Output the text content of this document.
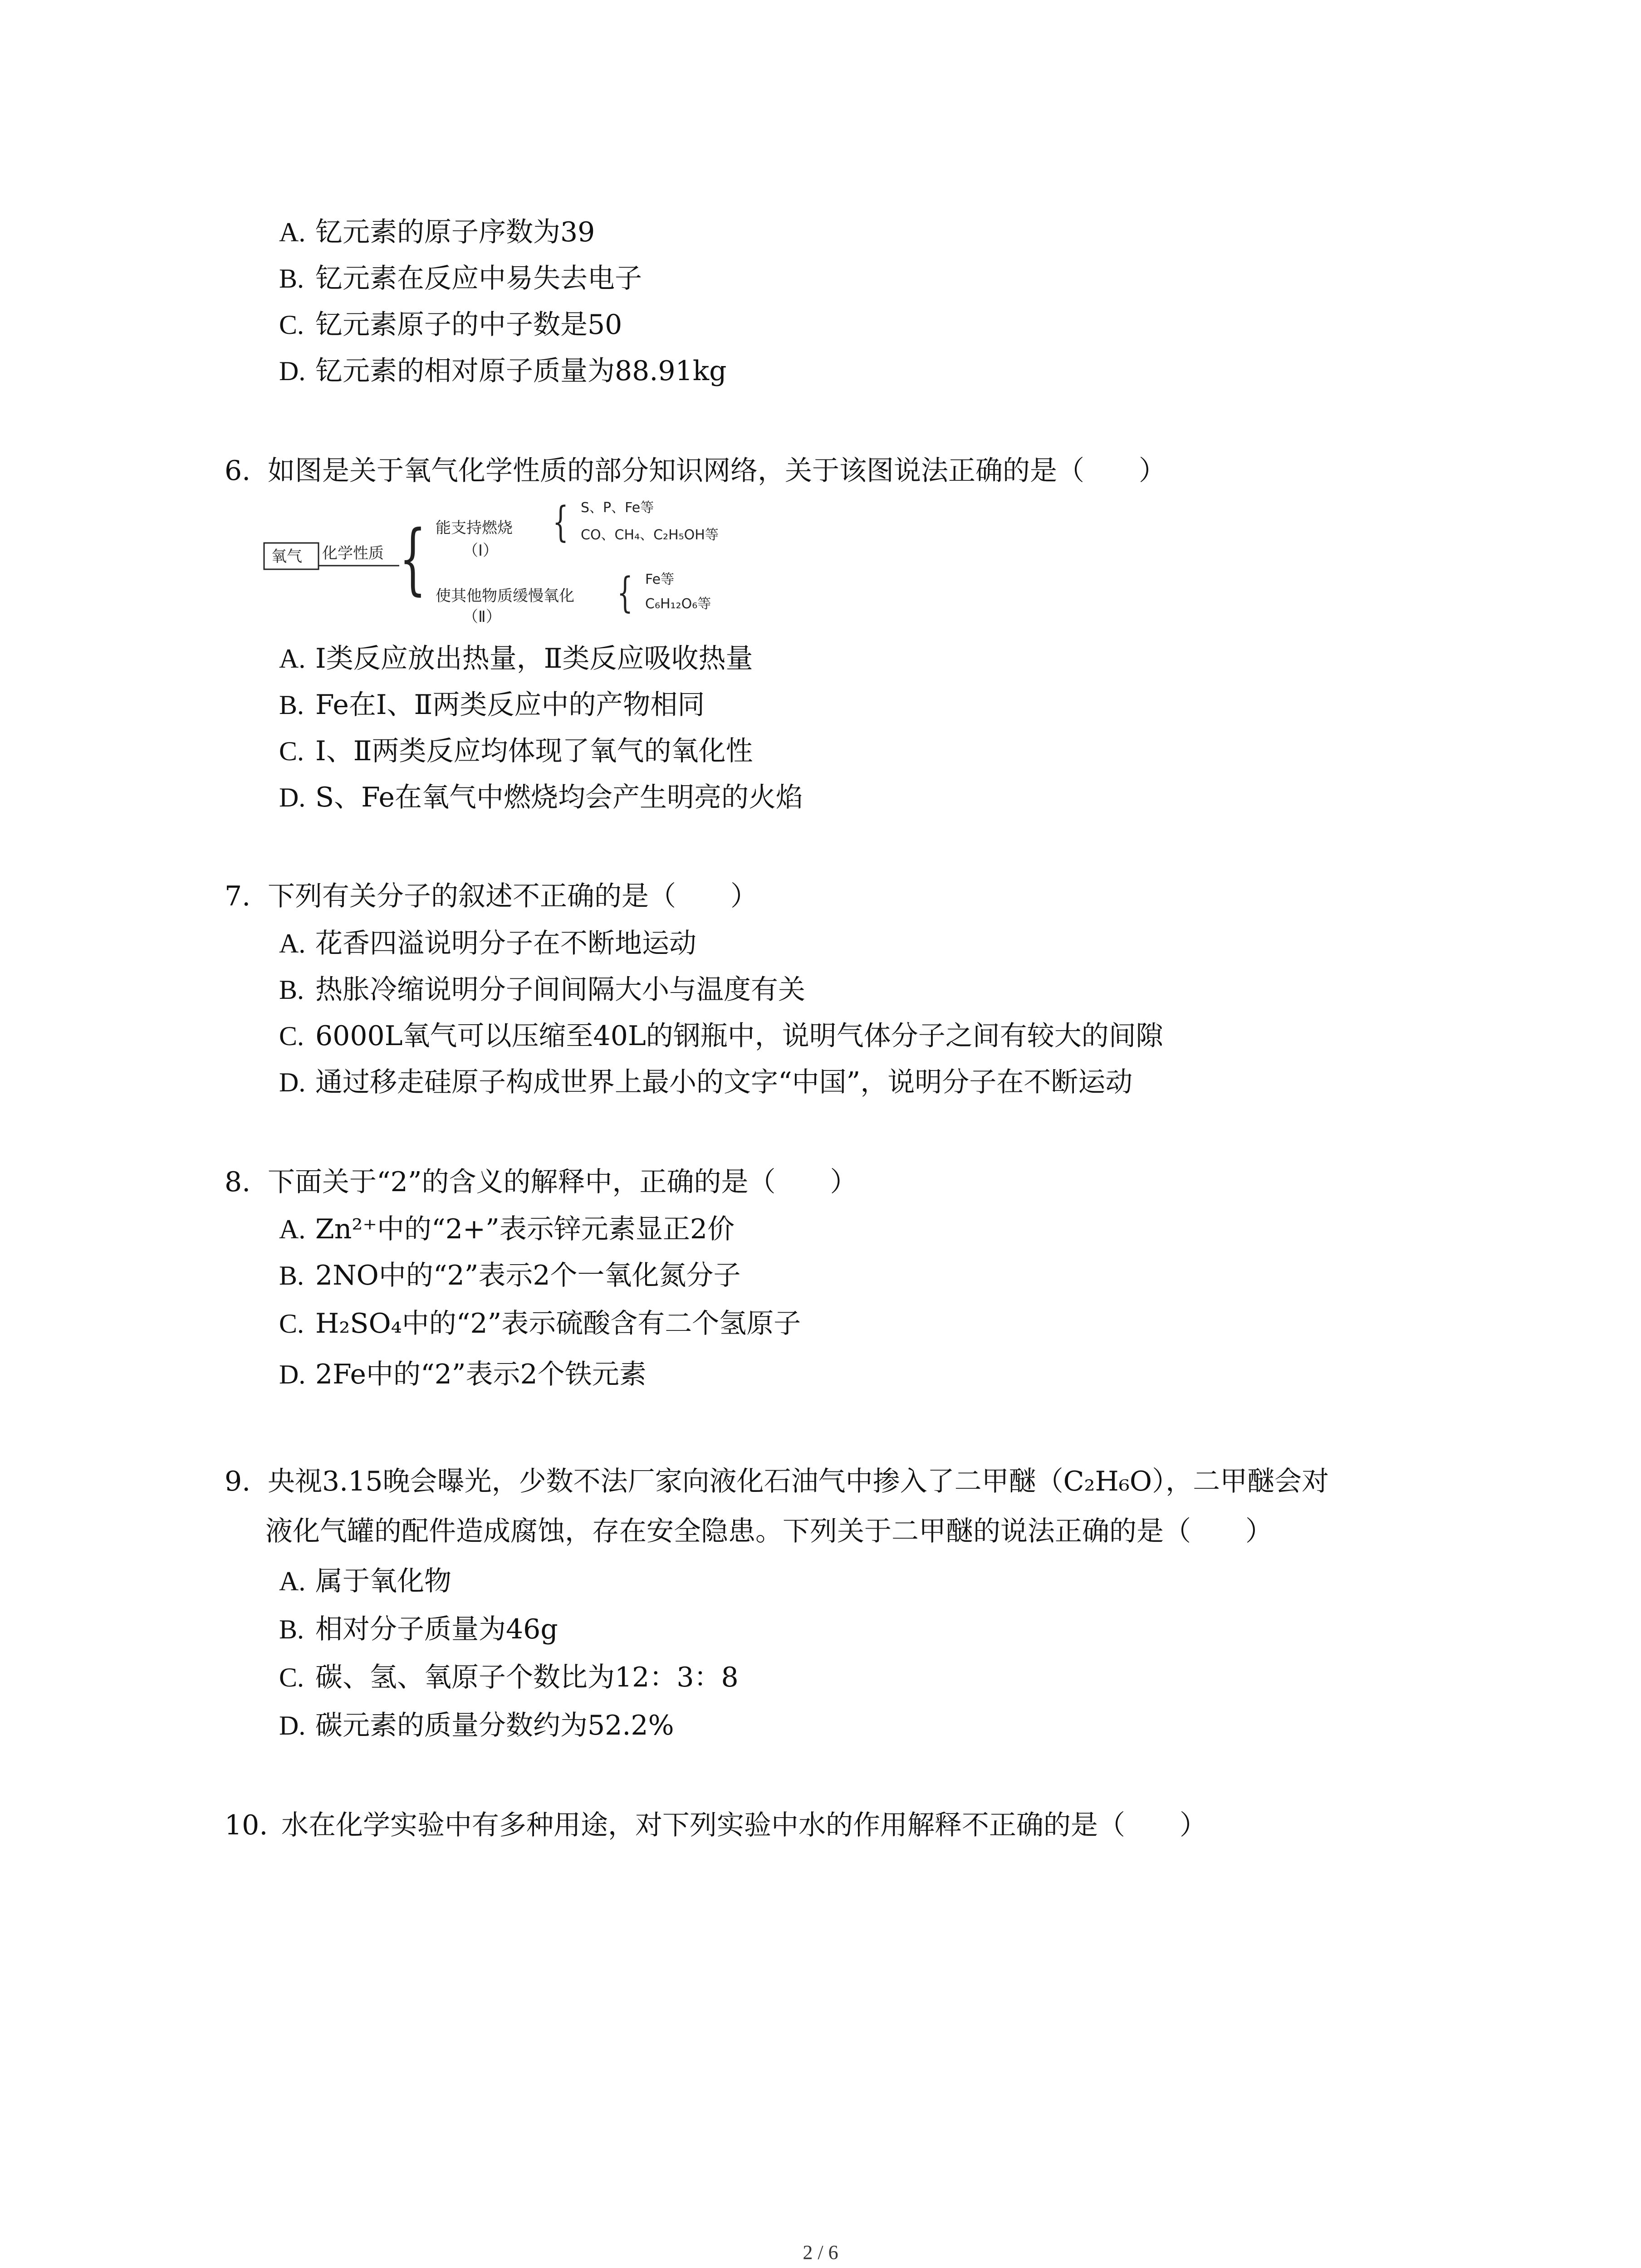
A. 钇元素的原子序数为39
B. 钇元素在反应中易失去电子
C. 钇元素原子的中子数是50
D. 钇元素的相对原子质量为88.91kg
6. 如图是关于氧气化学性质的部分知识网络，关于该图说法正确的是（　　）
氧气 化学性质 { 能支持燃烧
（Ⅰ）
{ S、P、Fe等
CO、CH₄、C₂H₅OH等
使其他物质缓慢氧化
（Ⅱ）	{ Fe等
C₆H₁₂O₆等
A. Ⅰ类反应放出热量，Ⅱ类反应吸收热量
B. Fe在Ⅰ、Ⅱ两类反应中的产物相同
C. Ⅰ、Ⅱ两类反应均体现了氧气的氧化性
D. S、Fe在氧气中燃烧均会产生明亮的火焰
7. 下列有关分子的叙述不正确的是（　　）
A. 花香四溢说明分子在不断地运动
B. 热胀冷缩说明分子间间隔大小与温度有关
C. 6000L氧气可以压缩至40L的钢瓶中，说明气体分子之间有较大的间隙
D. 通过移走硅原子构成世界上最小的文字“中国”，说明分子在不断运动
8. 下面关于“2”的含义的解释中，正确的是（　　）
A. Zn²⁺中的“2+”表示锌元素显正2价
B. 2NO中的“2”表示2个一氧化氮分子
C. H₂SO₄中的“2”表示硫酸含有二个氢原子
D. 2Fe中的“2”表示2个铁元素
9. 央视3.15晚会曝光，少数不法厂家向液化石油气中掺入了二甲醚（C₂H₆O），二甲醚会对
液化气罐的配件造成腐蚀，存在安全隐患。下列关于二甲醚的说法正确的是（　　）
A. 属于氧化物
B. 相对分子质量为46g
C. 碳、氢、氧原子个数比为12：3：8
D. 碳元素的质量分数约为52.2%
10. 水在化学实验中有多种用途，对下列实验中水的作用解释不正确的是（　　）
2 / 6
